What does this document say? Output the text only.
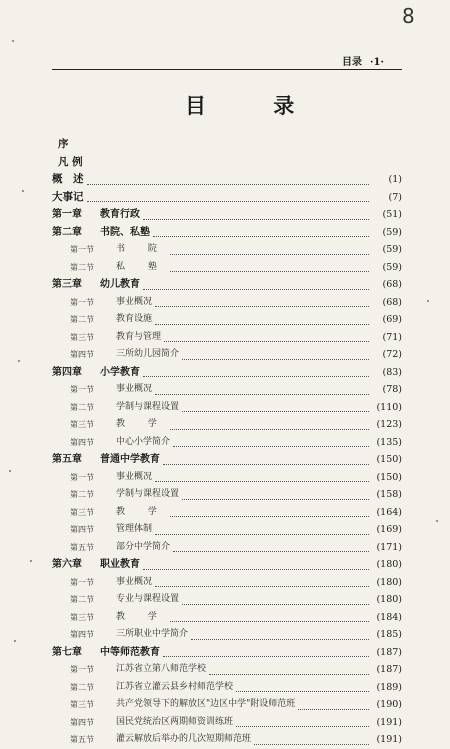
8
目录 ·1·
目 录
序
凡 例
概　述	(1)
大事记	(7)
第一章	教育行政	(51)
第二章	书院、私塾	(59)
第一节	书 院	(59)
第二节	私 塾	(59)
第三章	幼儿教育	(68)
第一节	事业概况	(68)
第二节	教育设施	(69)
第三节	教育与管理	(71)
第四节	三所幼儿园简介	(72)
第四章	小学教育	(83)
第一节	事业概况	(78)
第二节	学制与课程设置	(110)
第三节	教 学	(123)
第四节	中心小学简介	(135)
第五章	普通中学教育	(150)
第一节	事业概况	(150)
第二节	学制与课程设置	(158)
第三节	教 学	(164)
第四节	管理体制	(169)
第五节	部分中学简介	(171)
第六章	职业教育	(180)
第一节	事业概况	(180)
第二节	专业与课程设置	(180)
第三节	教 学	(184)
第四节	三所职业中学简介	(185)
第七章	中等师范教育	(187)
第一节	江苏省立第八师范学校	(187)
第二节	江苏省立灌云县乡村师范学校	(189)
第三节	共产党领导下的解放区"边区中学"附设师范班	(190)
第四节	国民党统治区两期师资训练班	(191)
第五节	灌云解放后举办的几次短期师范班	(191)
